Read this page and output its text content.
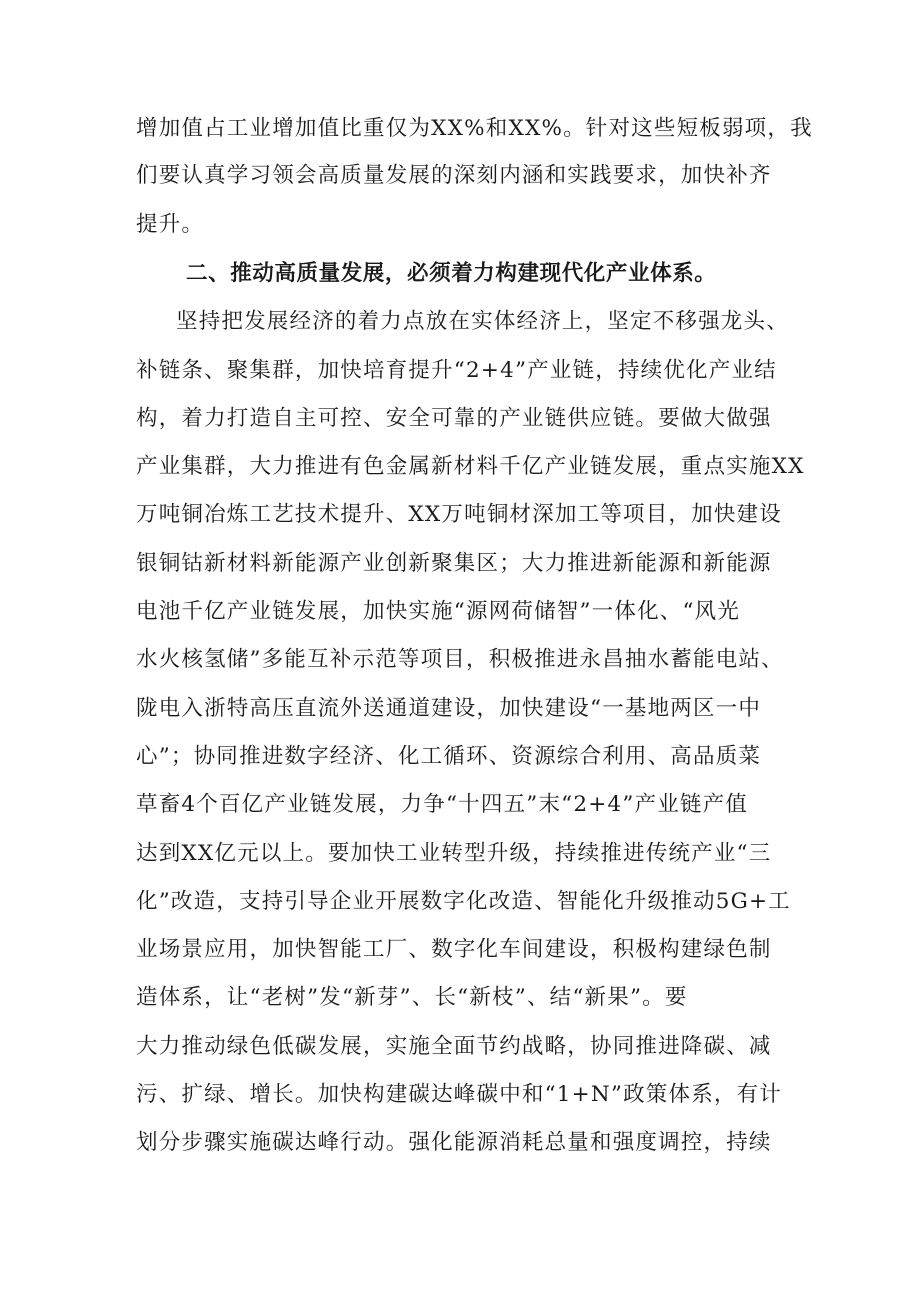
增加值占工业增加值比重仅为XX%和XX%。针对这些短板弱项，我
们要认真学习领会高质量发展的深刻内涵和实践要求，加快补齐
提升。
二、推动高质量发展，必须着力构建现代化产业体系。
坚持把发展经济的着力点放在实体经济上，坚定不移强龙头、
补链条、聚集群，加快培育提升“2+4”产业链，持续优化产业结
构，着力打造自主可控、安全可靠的产业链供应链。要做大做强
产业集群，大力推进有色金属新材料千亿产业链发展，重点实施XX
万吨铜冶炼工艺技术提升、XX万吨铜材深加工等项目，加快建设
银铜钴新材料新能源产业创新聚集区；大力推进新能源和新能源
电池千亿产业链发展，加快实施“源网荷储智”一体化、“风光
水火核氢储”多能互补示范等项目，积极推进永昌抽水蓄能电站、
陇电入浙特高压直流外送通道建设，加快建设“一基地两区一中
心”；协同推进数字经济、化工循环、资源综合利用、高品质菜
草畜4个百亿产业链发展，力争“十四五”末“2+4”产业链产值
达到XX亿元以上。要加快工业转型升级，持续推进传统产业“三
化”改造，支持引导企业开展数字化改造、智能化升级推动5G+工
业场景应用，加快智能工厂、数字化车间建设，积极构建绿色制
造体系，让“老树”发“新芽”、长“新枝”、结“新果”。要
大力推动绿色低碳发展，实施全面节约战略，协同推进降碳、减
污、扩绿、增长。加快构建碳达峰碳中和“1+N”政策体系，有计
划分步骤实施碳达峰行动。强化能源消耗总量和强度调控，持续
